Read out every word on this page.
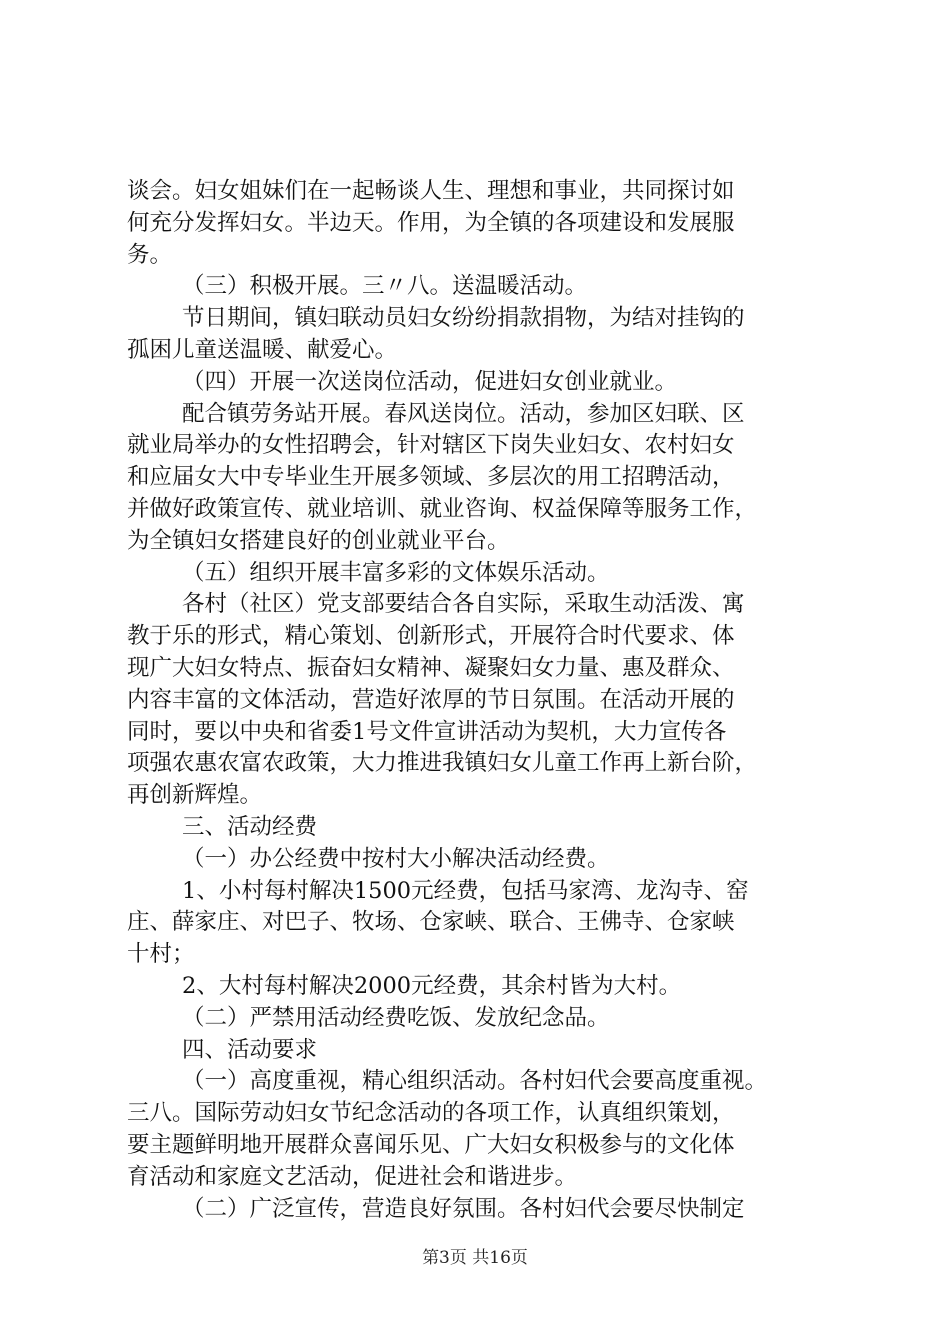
谈会。妇女姐妹们在一起畅谈人生、理想和事业，共同探讨如
何充分发挥妇女。半边天。作用，为全镇的各项建设和发展服
务。
（三）积极开展。三〃八。送温暖活动。
节日期间，镇妇联动员妇女纷纷捐款捐物，为结对挂钩的
孤困儿童送温暖、献爱心。
（四）开展一次送岗位活动，促进妇女创业就业。
配合镇劳务站开展。春风送岗位。活动，参加区妇联、区
就业局举办的女性招聘会，针对辖区下岗失业妇女、农村妇女
和应届女大中专毕业生开展多领域、多层次的用工招聘活动，
并做好政策宣传、就业培训、就业咨询、权益保障等服务工作，
为全镇妇女搭建良好的创业就业平台。
（五）组织开展丰富多彩的文体娱乐活动。
各村（社区）党支部要结合各自实际，采取生动活泼、寓
教于乐的形式，精心策划、创新形式，开展符合时代要求、体
现广大妇女特点、振奋妇女精神、凝聚妇女力量、惠及群众、
内容丰富的文体活动，营造好浓厚的节日氛围。在活动开展的
同时，要以中央和省委1号文件宣讲活动为契机，大力宣传各
项强农惠农富农政策，大力推进我镇妇女儿童工作再上新台阶，
再创新辉煌。
三、活动经费
（一）办公经费中按村大小解决活动经费。
1、小村每村解决1500元经费，包括马家湾、龙沟寺、窑
庄、薛家庄、对巴子、牧场、仓家峡、联合、王佛寺、仓家峡
十村；
2、大村每村解决2000元经费，其余村皆为大村。
（二）严禁用活动经费吃饭、发放纪念品。
四、活动要求
（一）高度重视，精心组织活动。各村妇代会要高度重视。
三八。国际劳动妇女节纪念活动的各项工作，认真组织策划，
要主题鲜明地开展群众喜闻乐见、广大妇女积极参与的文化体
育活动和家庭文艺活动，促进社会和谐进步。
（二）广泛宣传，营造良好氛围。各村妇代会要尽快制定

第3页 共16页
